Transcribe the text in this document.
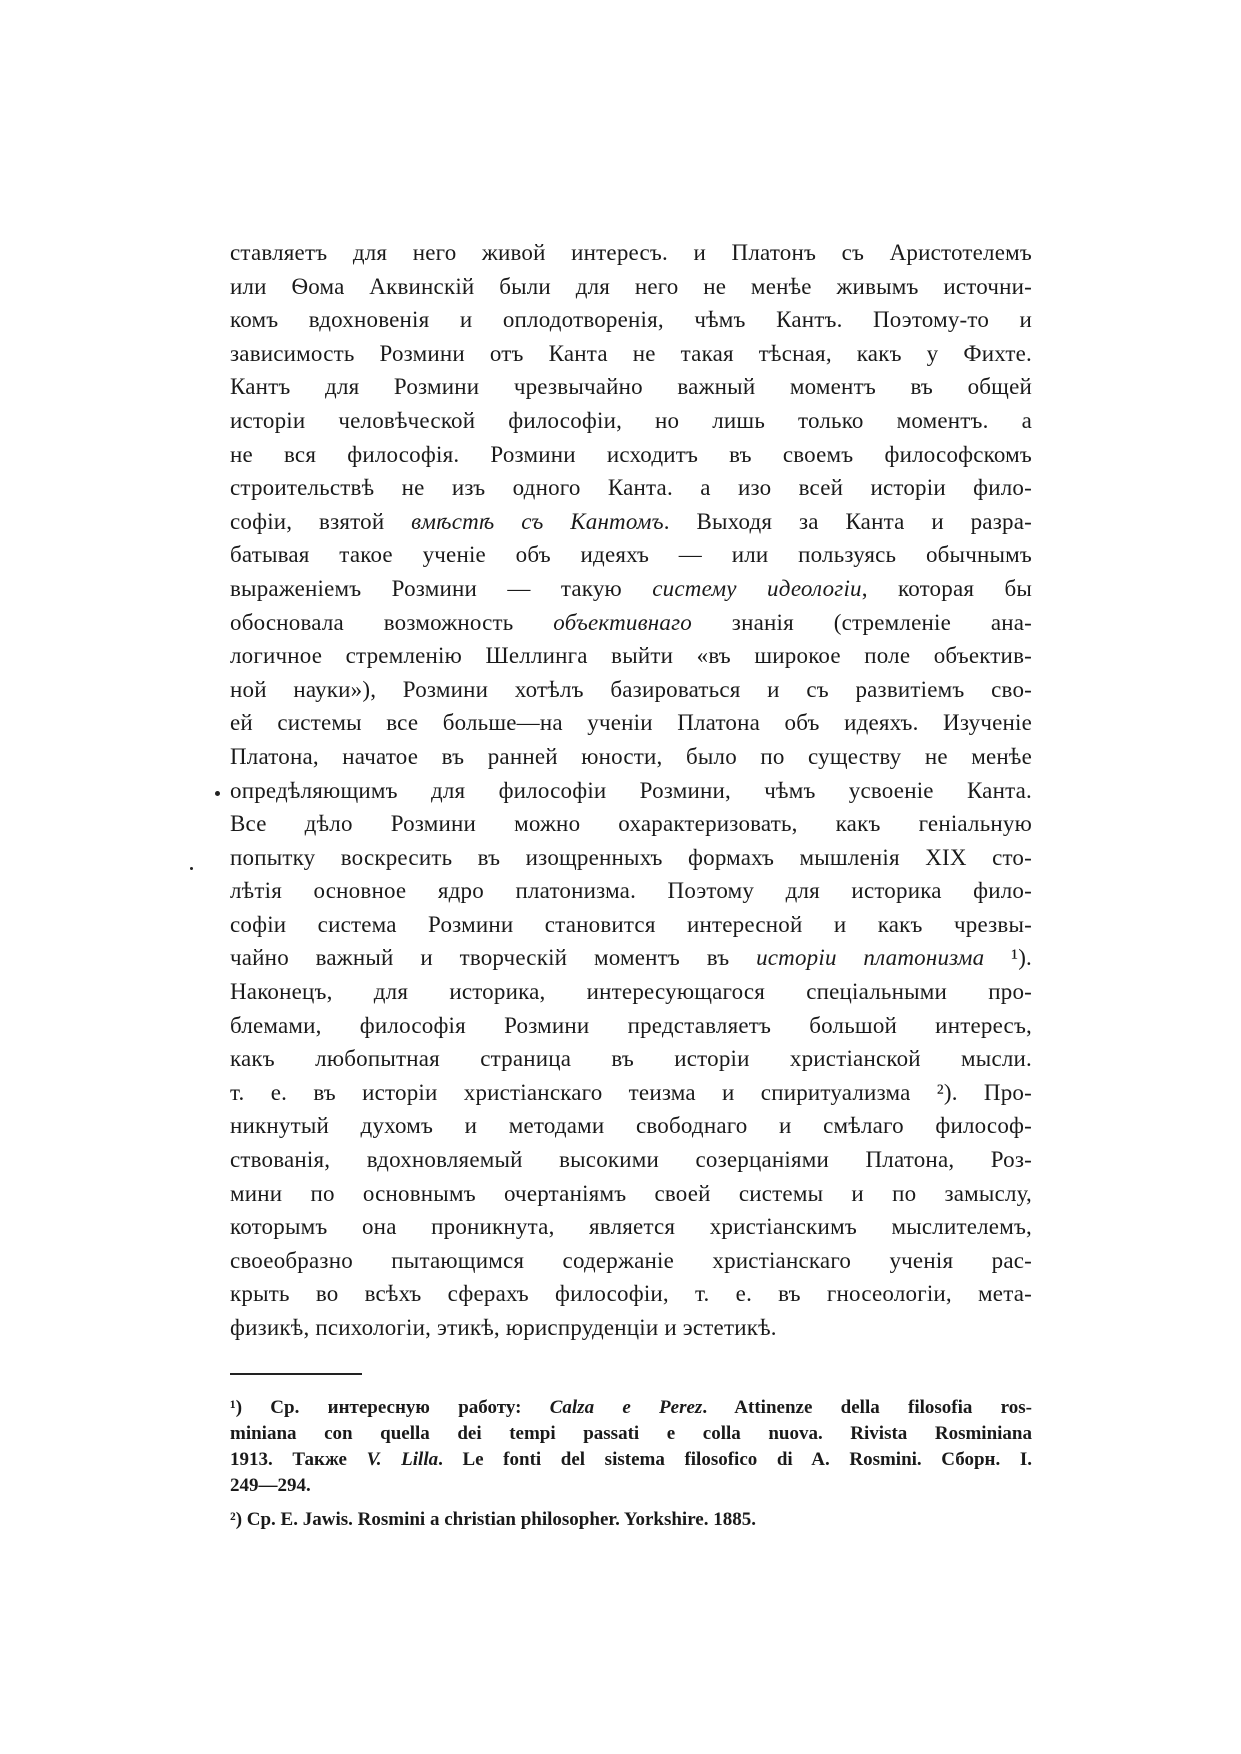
ставляетъ для него живой интересъ. и Платонъ съ Аристотелемъ
или Ѳома Аквинскій были для него не менѣе живымъ источни-
комъ вдохновенія и оплодотворенія, чѣмъ Кантъ. Поэтому-то и
зависимость Розмини отъ Канта не такая тѣсная, какъ у Фихте.
Кантъ для Розмини чрезвычайно важный моментъ въ общей
исторіи человѣческой философіи, но лишь только моментъ. а
не вся философія. Розмини исходитъ въ своемъ философскомъ
строительствѣ не изъ одного Канта. а изо всей исторіи фило-
софіи, взятой вмѣстѣ съ Кантомъ. Выходя за Канта и разра-
батывая такое ученіе объ идеяхъ — или пользуясь обычнымъ
выраженіемъ Розмини — такую систему идеологіи, которая бы
обосновала возможность объективнаго знанія (стремленіе ана-
логичное стремленію Шеллинга выйти «въ широкое поле объектив-
ной науки»), Розмини хотѣлъ базироваться и съ развитіемъ сво-
ей системы все больше—на ученіи Платона объ идеяхъ. Изученіе
Платона, начатое въ ранней юности, было по существу не менѣе
опредѣляющимъ для философіи Розмини, чѣмъ усвоеніе Канта.
Все дѣло Розмини можно охарактеризовать, какъ геніальную
попытку воскресить въ изощренныхъ формахъ мышленія XIX сто-
лѣтія основное ядро платонизма. Поэтому для историка фило-
софіи система Розмини становится интересной и какъ чрезвы-
чайно важный и творческій моментъ въ исторіи платонизма ¹).
Наконецъ, для историка, интересующагося спеціальными про-
блемами, философія Розмини представляетъ большой интересъ,
какъ любопытная страница въ исторіи христіанской мысли.
т. е. въ исторіи христіанскаго теизма и спиритуализма ²). Про-
никнутый духомъ и методами свободнаго и смѣлаго философ-
ствованія, вдохновляемый высокими созерцаніями Платона, Роз-
мини по основнымъ очертаніямъ своей системы и по замыслу,
которымъ она проникнута, является христіанскимъ мыслителемъ,
своеобразно пытающимся содержаніе христіанскаго ученія рас-
крыть во всѣхъ сферахъ философіи, т. е. въ гносеологіи, мета-
физикѣ, психологіи, этикѣ, юриспруденціи и эстетикѣ.
¹) Ср. интересную работу: Calza e Perez. Attinenze della filosofia ros-
miniana con quella dei tempi passati e colla nuova. Rivista Rosminiana
1913. Также V. Lilla. Le fonti del sistema filosofico di A. Rosmini. Сборн. I.
249—294.
²) Ср. E. Jawis. Rosmini a christian philosopher. Yorkshire. 1885.
